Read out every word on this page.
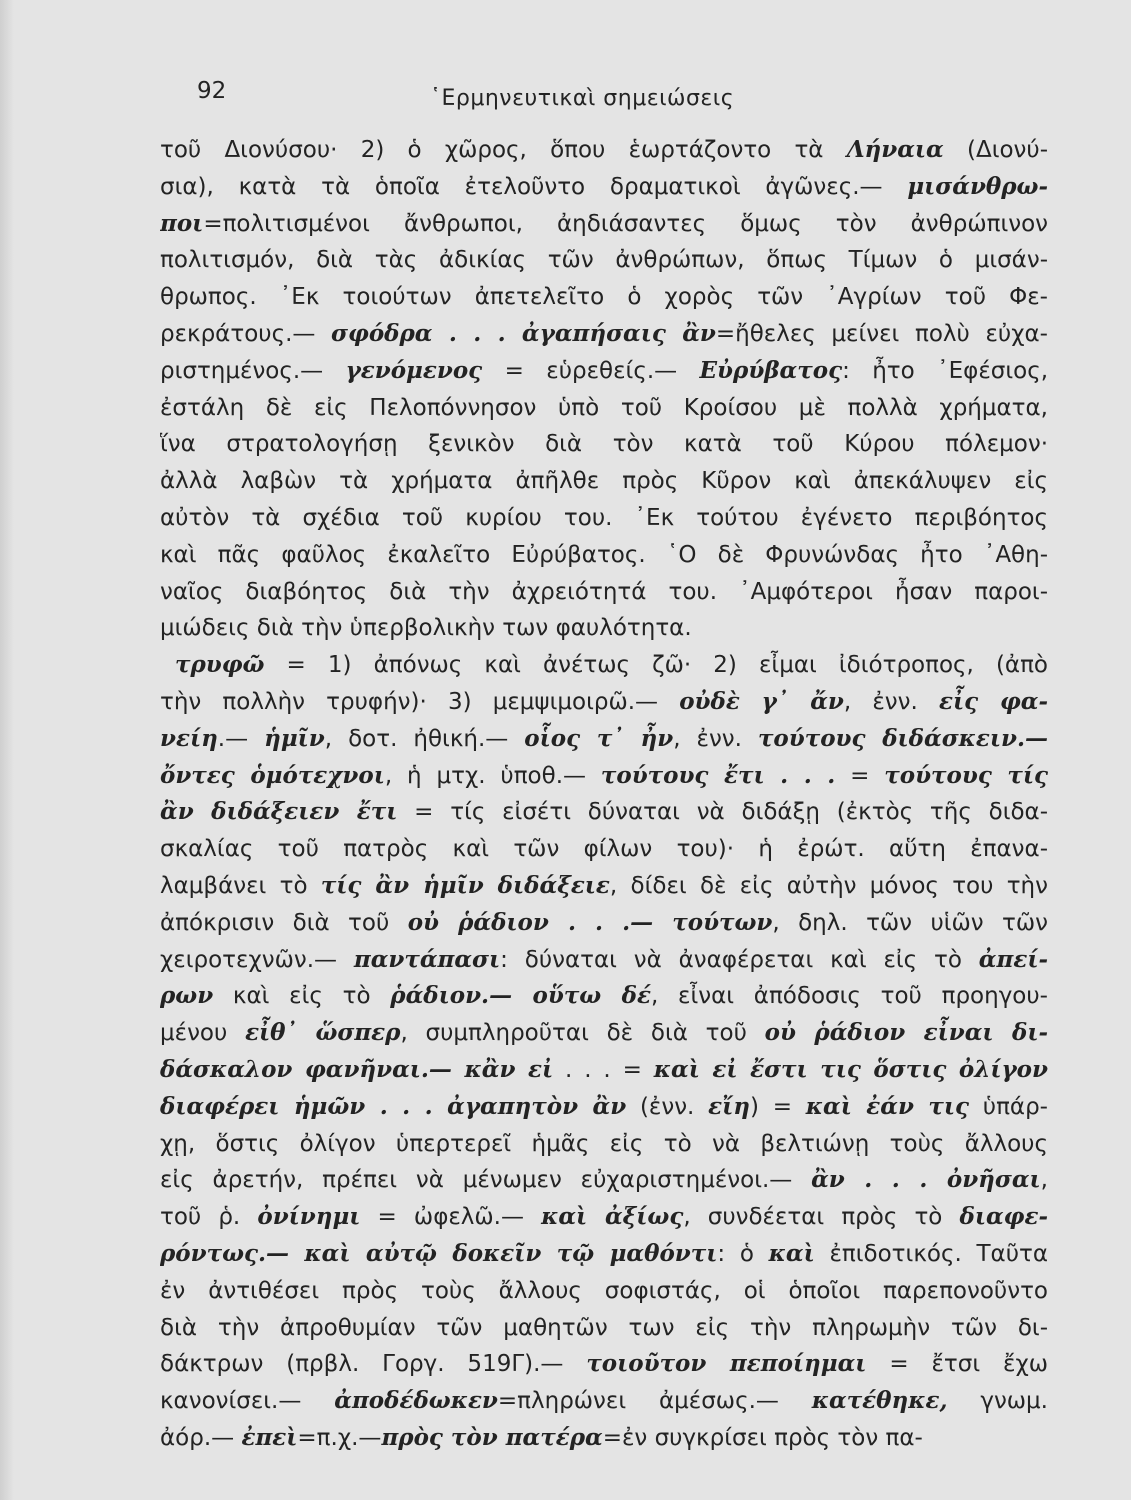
92	῾Ερμηνευτικαὶ σημειώσεις
τοῦ Διονύσου· 2) ὁ χῶρος, ὅπου ἑωρτάζοντο τὰ Λήναια (Διονύ-
σια), κατὰ τὰ ὁποῖα ἐτελοῦντο δραματικοὶ ἀγῶνες.— μισάνθρω-
ποι=πολιτισμένοι ἄνθρωποι, ἀηδιάσαντες ὅμως τὸν ἀνθρώπινον
πολιτισμόν, διὰ τὰς ἀδικίας τῶν ἀνθρώπων, ὅπως Τίμων ὁ μισάν-
θρωπος. ᾿Εκ τοιούτων ἀπετελεῖτο ὁ χορὸς τῶν ᾿Αγρίων τοῦ Φε-
ρεκράτους.— σφόδρα . . . ἀγαπήσαις ἂν=ἤθελες μείνει πολὺ εὐχα-
ριστημένος.— γενόμενος = εὑρεθείς.— Εὐρύβατος: ἦτο ᾿Εφέσιος,
ἐστάλη δὲ εἰς Πελοπόννησον ὑπὸ τοῦ Κροίσου μὲ πολλὰ χρήματα,
ἵνα στρατολογήσῃ ξενικὸν διὰ τὸν κατὰ τοῦ Κύρου πόλεμον·
ἀλλὰ λαβὼν τὰ χρήματα ἀπῆλθε πρὸς Κῦρον καὶ ἀπεκάλυψεν εἰς
αὐτὸν τὰ σχέδια τοῦ κυρίου του. ᾿Εκ τούτου ἐγένετο περιβόητος
καὶ πᾶς φαῦλος ἐκαλεῖτο Εὐρύβατος. ῾Ο δὲ Φρυνώνδας ἦτο ᾿Αθη-
ναῖος διαβόητος διὰ τὴν ἀχρειότητά του. ᾿Αμφότεροι ἦσαν παροι-
μιώδεις διὰ τὴν ὑπερβολικὴν των φαυλότητα.
τρυφῶ = 1) ἀπόνως καὶ ἀνέτως ζῶ· 2) εἶμαι ἰδιότροπος, (ἀπὸ
τὴν πολλὴν τρυφήν)· 3) μεμψιμοιρῶ.— οὐδὲ γ᾿ ἄν, ἐνν. εἶς φα-
νείη.— ἡμῖν, δοτ. ἠθική.— οἷος τ᾿ ἦν, ἐνν. τούτους διδάσκειν.—
ὄντες ὁμότεχνοι, ἡ μτχ. ὑποθ.— τούτους ἔτι . . . = τούτους τίς
ἂν διδάξειεν ἔτι = τίς εἰσέτι δύναται νὰ διδάξῃ (ἐκτὸς τῆς διδα-
σκαλίας τοῦ πατρὸς καὶ τῶν φίλων του)· ἡ ἐρώτ. αὕτη ἐπανα-
λαμβάνει τὸ τίς ἂν ἡμῖν διδάξειε, δίδει δὲ εἰς αὐτὴν μόνος του τὴν
ἀπόκρισιν διὰ τοῦ οὐ ῥάδιον . . .— τούτων, δηλ. τῶν υἱῶν τῶν
χειροτεχνῶν.— παντάπασι: δύναται νὰ ἀναφέρεται καὶ εἰς τὸ ἀπεί-
ρων καὶ εἰς τὸ ῥάδιον.— οὕτω δέ, εἶναι ἀπόδοσις τοῦ προηγου-
μένου εἶθ᾿ ὥσπερ, συμπληροῦται δὲ διὰ τοῦ οὐ ῥάδιον εἶναι δι-
δάσκαλον φανῆναι.— κἂν εἰ . . . = καὶ εἰ ἔστι τις ὅστις ὀλίγον
διαφέρει ἡμῶν . . . ἀγαπητὸν ἂν (ἐνν. εἴη) = καὶ ἐάν τις ὑπάρ-
χῃ, ὅστις ὀλίγον ὑπερτερεῖ ἡμᾶς εἰς τὸ νὰ βελτιώνῃ τοὺς ἄλλους
εἰς ἀρετήν, πρέπει νὰ μένωμεν εὐχαριστημένοι.— ἂν . . . ὀνῆσαι,
τοῦ ῥ. ὀνίνημι = ὠφελῶ.— καὶ ἀξίως, συνδέεται πρὸς τὸ διαφε-
ρόντως.— καὶ αὐτῷ δοκεῖν τῷ μαθόντι: ὁ καὶ ἐπιδοτικός. Ταῦτα
ἐν ἀντιθέσει πρὸς τοὺς ἄλλους σοφιστάς, οἱ ὁποῖοι παρεπονοῦντο
διὰ τὴν ἀπροθυμίαν τῶν μαθητῶν των εἰς τὴν πληρωμὴν τῶν δι-
δάκτρων (πρβλ. Γοργ. 519Γ).— τοιοῦτον πεποίημαι = ἔτσι ἔχω
κανονίσει.— ἀποδέδωκεν=πληρώνει ἀμέσως.— κατέθηκε, γνωμ.
ἀόρ.— ἐπεὶ=π.χ.—πρὸς τὸν πατέρα=ἐν συγκρίσει πρὸς τὸν πα-
